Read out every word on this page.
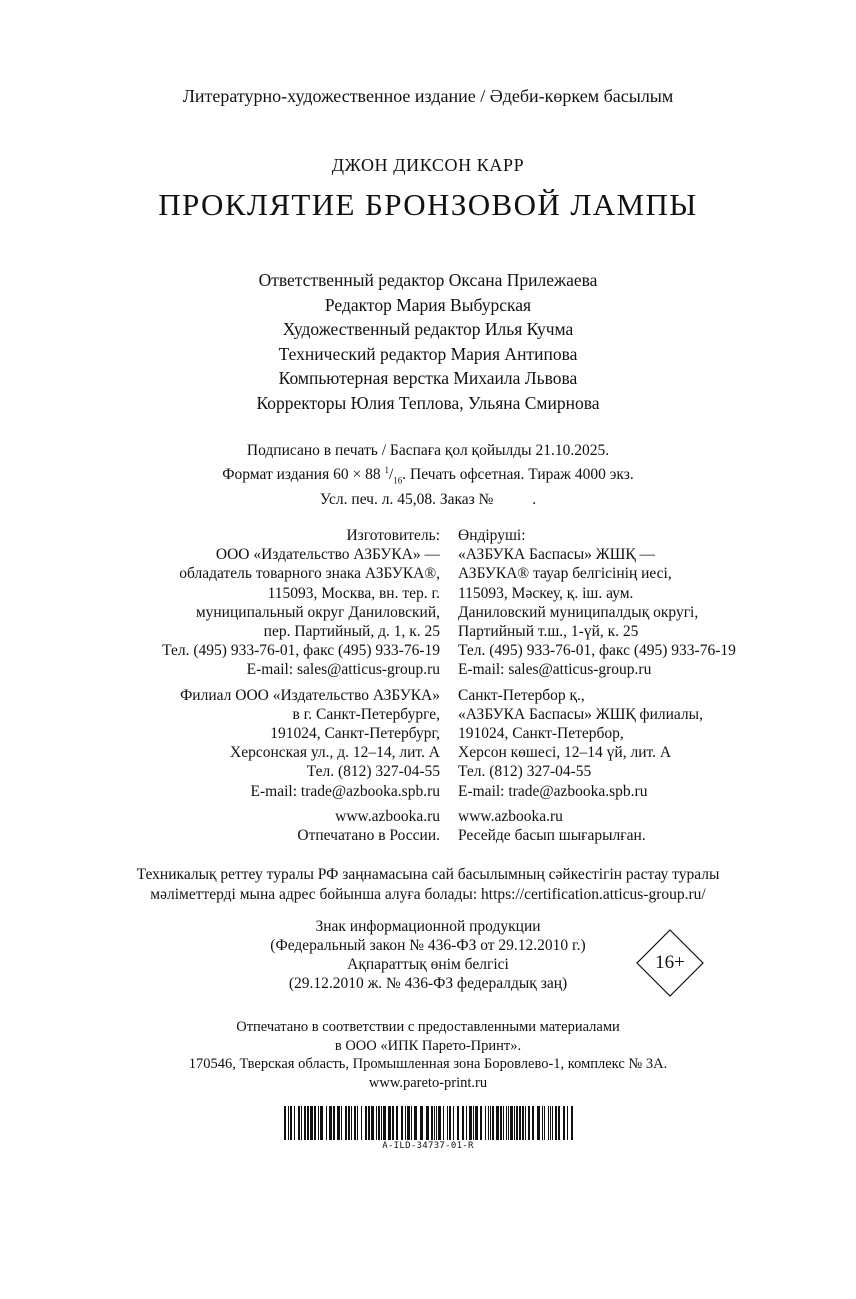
Литературно-художественное издание / Әдеби-көркем басылым
ДЖОН ДИКСОН КАРР
ПРОКЛЯТИЕ БРОНЗОВОЙ ЛАМПЫ
Ответственный редактор Оксана Прилежаева
Редактор Мария Выбурская
Художественный редактор Илья Кучма
Технический редактор Мария Антипова
Компьютерная верстка Михаила Львова
Корректоры Юлия Теплова, Ульяна Смирнова
Подписано в печать / Баспаға қол қойылды 21.10.2025.
Формат издания 60 × 88 $^1/_{16}$. Печать офсетная. Тираж 4000 экз.
Усл. печ. л. 45,08. Заказ №          .
Изготовитель:
ООО «Издательство АЗБУКА» —
обладатель товарного знака АЗБУКА®,
115093, Москва, вн. тер. г.
муниципальный округ Даниловский,
пер. Партийный, д. 1, к. 25
Тел. (495) 933-76-01, факс (495) 933-76-19
E-mail: sales@atticus-group.ru
Филиал ООО «Издательство АЗБУКА»
в г. Санкт-Петербурге,
191024, Санкт-Петербург,
Херсонская ул., д. 12–14, лит. А
Тел. (812) 327-04-55
E-mail: trade@azbooka.spb.ru
www.azbooka.ru
Отпечатано в России.
Өндіруші:
«АЗБУКА Баспасы» ЖШҚ —
АЗБУКА® тауар белгісінің иесі,
115093, Мәскеу, қ. іш. аум.
Даниловский муниципалдық округі,
Партийный т.ш., 1-үй, к. 25
Тел. (495) 933-76-01, факс (495) 933-76-19
E-mail: sales@atticus-group.ru
Санкт-Петербор қ.,
«АЗБУКА Баспасы» ЖШҚ филиалы,
191024, Санкт-Петербор,
Херсон көшесі, 12–14 үй, лит. А
Тел. (812) 327-04-55
E-mail: trade@azbooka.spb.ru
www.azbooka.ru
Ресейде басып шығарылған.
Техникалық реттеу туралы РФ заңнамасына сай басылымның сәйкестігін растау туралы
мәліметтерді мына адрес бойынша алуға болады: https://certification.atticus-group.ru/
Знак информационной продукции
(Федеральный закон № 436-ФЗ от 29.12.2010 г.)
Ақпараттық өнім белгісі
(29.12.2010 ж. № 436-ФЗ федералдық заң)
16+
Отпечатано в соответствии с предоставленными материалами
в ООО «ИПК Парето-Принт».
170546, Тверская область, Промышленная зона Боровлево-1, комплекс № 3А.
www.pareto-print.ru
A-ILD-34737-01-R
